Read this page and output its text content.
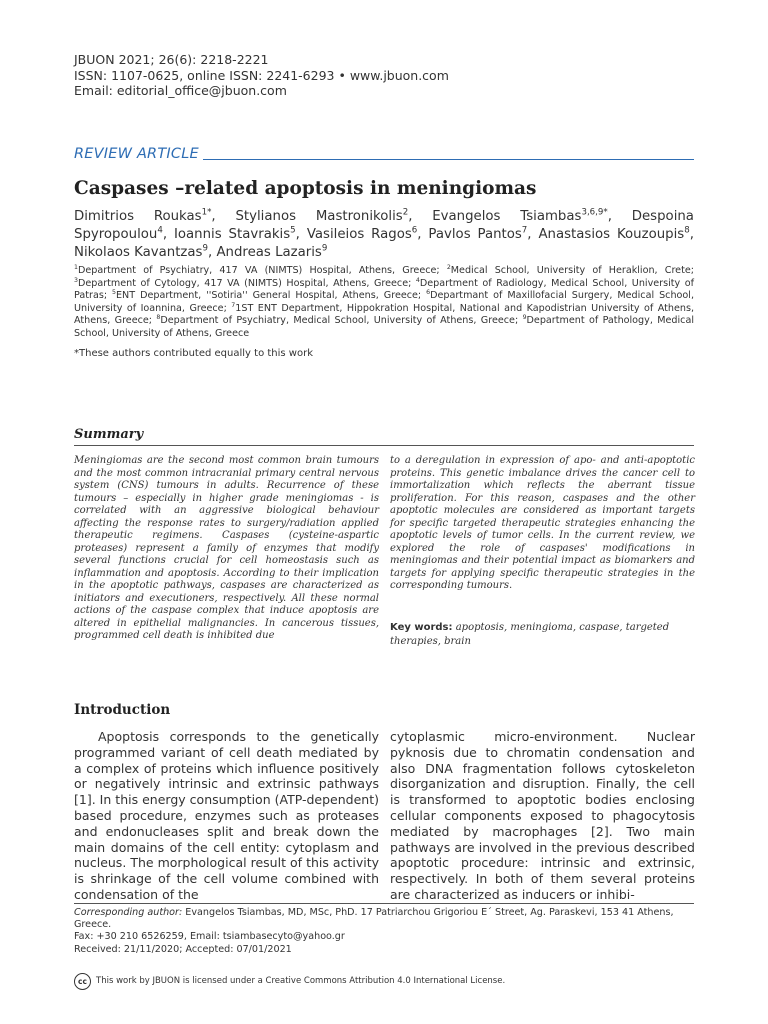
JBUON 2021; 26(6): 2218-2221
ISSN: 1107-0625, online ISSN: 2241-6293 • www.jbuon.com
Email: editorial_office@jbuon.com
REVIEW ARTICLE
Caspases –related apoptosis in meningiomas
Dimitrios Roukas$^{1*}$, Stylianos Mastronikolis$^2$, Evangelos Tsiambas$^{3,6,9*}$, Despoina Spyropoulou$^4$, Ioannis Stavrakis$^5$, Vasileios Ragos$^6$, Pavlos Pantos$^7$, Anastasios Kouzoupis$^8$, Nikolaos Kavantzas$^9$, Andreas Lazaris$^9$
$^1$Department of Psychiatry, 417 VA (NIMTS) Hospital, Athens, Greece; $^2$Medical School, University of Heraklion, Crete; $^3$Department of Cytology, 417 VA (NIMTS) Hospital, Athens, Greece; $^4$Department of Radiology, Medical School, University of Patras; $^5$ENT Department, ''Sotiria'' General Hospital, Athens, Greece; $^6$Departmant of Maxillofacial Surgery, Medical School, University of Ioannina, Greece; $^7$1ST ENT Department, Hippokration Hospital, National and Kapodistrian University of Athens, Athens, Greece; $^8$Department of Psychiatry, Medical School, University of Athens, Greece; $^9$Department of Pathology, Medical School, University of Athens, Greece
*These authors contributed equally to this work
Summary
Meningiomas are the second most common brain tumours and the most common intracranial primary central nervous system (CNS) tumours in adults. Recurrence of these tumours – especially in higher grade meningiomas - is correlated with an aggressive biological behaviour affecting the response rates to surgery/radiation applied therapeutic regimens. Caspases (cysteine-aspartic proteases) represent a family of enzymes that modify several functions crucial for cell homeostasis such as inflammation and apoptosis. According to their implication in the apoptotic pathways, caspases are characterized as initiators and executioners, respectively. All these normal actions of the caspase complex that induce apoptosis are altered in epithelial malignancies. In cancerous tissues, programmed cell death is inhibited due
to a deregulation in expression of apo- and anti-apoptotic proteins. This genetic imbalance drives the cancer cell to immortalization which reflects the aberrant tissue proliferation. For this reason, caspases and the other apoptotic molecules are considered as important targets for specific targeted therapeutic strategies enhancing the apoptotic levels of tumor cells. In the current review, we explored the role of caspases' modifications in meningiomas and their potential impact as biomarkers and targets for applying specific therapeutic strategies in the corresponding tumours.
Key words: apoptosis, meningioma, caspase, targeted therapies, brain
Introduction
Apoptosis corresponds to the genetically programmed variant of cell death mediated by a complex of proteins which influence positively or negatively intrinsic and extrinsic pathways [1]. In this energy consumption (ATP-dependent) based procedure, enzymes such as proteases and endonucleases split and break down the main domains of the cell entity: cytoplasm and nucleus. The morphological result of this activity is shrinkage of the cell volume combined with condensation of the
cytoplasmic micro-environment. Nuclear pyknosis due to chromatin condensation and also DNA fragmentation follows cytoskeleton disorganization and disruption. Finally, the cell is transformed to apoptotic bodies enclosing cellular components exposed to phagocytosis mediated by macrophages [2]. Two main pathways are involved in the previous described apoptotic procedure: intrinsic and extrinsic, respectively. In both of them several proteins are characterized as inducers or inhibi-
Corresponding author: Evangelos Tsiambas, MD, MSc, PhD. 17 Patriarchou Grigoriou E´ Street, Ag. Paraskevi, 153 41 Athens, Greece.
Fax: +30 210 6526259, Email: tsiambasecyto@yahoo.gr
Received: 21/11/2020; Accepted: 07/01/2021
cc	This work by JBUON is licensed under a Creative Commons Attribution 4.0 International License.
